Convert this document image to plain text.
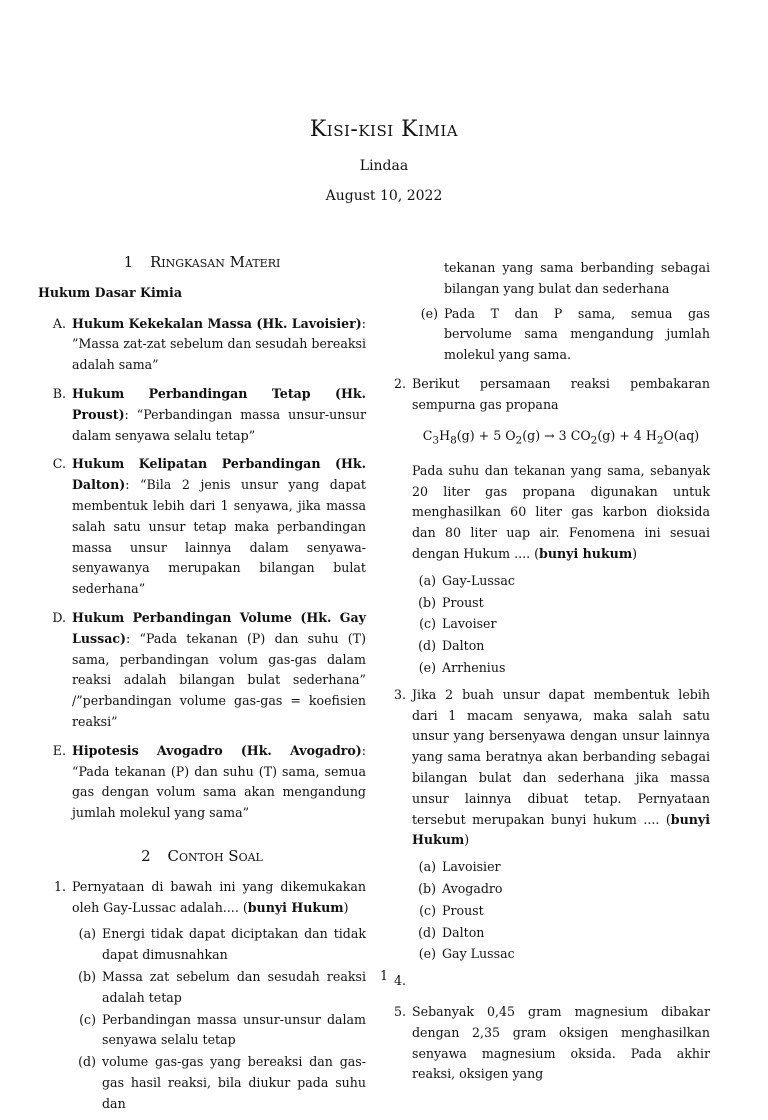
Kisi-kisi Kimia
Lindaa
August 10, 2022
1 Ringkasan Materi
Hukum Dasar Kimia
A. Hukum Kekekalan Massa (Hk. Lavoisier): ”Massa zat-zat sebelum dan sesudah bereaksi adalah sama”
B. Hukum Perbandingan Tetap (Hk. Proust): “Perbandingan massa unsur-unsur dalam senyawa selalu tetap”
C. Hukum Kelipatan Perbandingan (Hk. Dalton): “Bila 2 jenis unsur yang dapat membentuk lebih dari 1 senyawa, jika massa salah satu unsur tetap maka perbandingan massa unsur lainnya dalam senyawa-senyawanya merupakan bilangan bulat sederhana”
D. Hukum Perbandingan Volume (Hk. Gay Lussac): “Pada tekanan (P) dan suhu (T) sama, perbandingan volum gas-gas dalam reaksi adalah bilangan bulat sederhana” /”perbandingan volume gas-gas = koefisien reaksi”
E. Hipotesis Avogadro (Hk. Avogadro): “Pada tekanan (P) dan suhu (T) sama, semua gas dengan volum sama akan mengandung jumlah molekul yang sama”
2 Contoh Soal
1. Pernyataan di bawah ini yang dikemukakan oleh Gay-Lussac adalah.... (bunyi Hukum)
(a) Energi tidak dapat diciptakan dan tidak dapat dimusnahkan
(b) Massa zat sebelum dan sesudah reaksi adalah tetap
(c) Perbandingan massa unsur-unsur dalam senyawa selalu tetap
(d) volume gas-gas yang bereaksi dan gas-gas hasil reaksi, bila diukur pada suhu dan
tekanan yang sama berbanding sebagai bilangan yang bulat dan sederhana
(e) Pada T dan P sama, semua gas bervolume sama mengandung jumlah molekul yang sama.
2. Berikut persamaan reaksi pembakaran sempurna gas propana
$C_3H_8(g) + 5$ $O_2(g) \to 3$ $CO_2(g) + 4$ $H_2O(aq)$
Pada suhu dan tekanan yang sama, sebanyak 20 liter gas propana digunakan untuk menghasilkan 60 liter gas karbon dioksida dan 80 liter uap air. Fenomena ini sesuai dengan Hukum .... (bunyi hukum)
(a) Gay-Lussac
(b) Proust
(c) Lavoiser
(d) Dalton
(e) Arrhenius
3. Jika 2 buah unsur dapat membentuk lebih dari 1 macam senyawa, maka salah satu unsur yang bersenyawa dengan unsur lainnya yang sama beratnya akan berbanding sebagai bilangan bulat dan sederhana jika massa unsur lainnya dibuat tetap. Pernyataan tersebut merupakan bunyi hukum .... (bunyi Hukum)
(a) Lavoisier
(b) Avogadro
(c) Proust
(d) Dalton
(e) Gay Lussac
4.
5. Sebanyak 0,45 gram magnesium dibakar dengan 2,35 gram oksigen menghasilkan senyawa magnesium oksida. Pada akhir reaksi, oksigen yang
1
